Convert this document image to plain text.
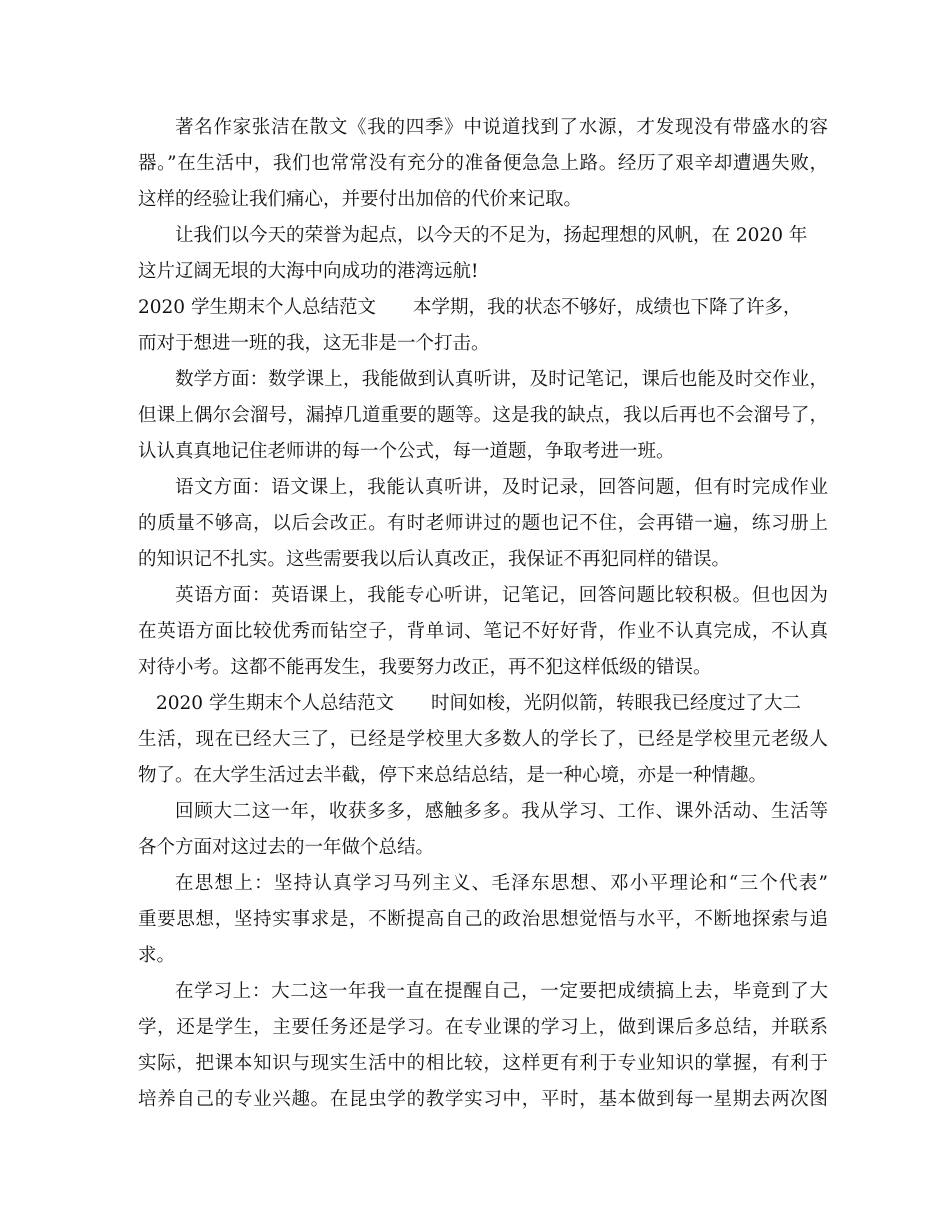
著名作家张洁在散文《我的四季》中说道找到了水源，才发现没有带盛水的容
器。”在生活中，我们也常常没有充分的准备便急急上路。经历了艰辛却遭遇失败，
这样的经验让我们痛心，并要付出加倍的代价来记取。
让我们以今天的荣誉为起点，以今天的不足为，扬起理想的风帆，在 2020 年
这片辽阔无垠的大海中向成功的港湾远航!
2020 学生期末个人总结范文　　本学期，我的状态不够好，成绩也下降了许多，
而对于想进一班的我，这无非是一个打击。
数学方面：数学课上，我能做到认真听讲，及时记笔记，课后也能及时交作业，
但课上偶尔会溜号，漏掉几道重要的题等。这是我的缺点，我以后再也不会溜号了，
认认真真地记住老师讲的每一个公式，每一道题，争取考进一班。
语文方面：语文课上，我能认真听讲，及时记录，回答问题，但有时完成作业
的质量不够高，以后会改正。有时老师讲过的题也记不住，会再错一遍，练习册上
的知识记不扎实。这些需要我以后认真改正，我保证不再犯同样的错误。
英语方面：英语课上，我能专心听讲，记笔记，回答问题比较积极。但也因为
在英语方面比较优秀而钻空子，背单词、笔记不好好背，作业不认真完成，不认真
对待小考。这都不能再发生，我要努力改正，再不犯这样低级的错误。
2020 学生期末个人总结范文　　时间如梭，光阴似箭，转眼我已经度过了大二
生活，现在已经大三了，已经是学校里大多数人的学长了，已经是学校里元老级人
物了。在大学生活过去半截，停下来总结总结，是一种心境，亦是一种情趣。
回顾大二这一年，收获多多，感触多多。我从学习、工作、课外活动、生活等
各个方面对这过去的一年做个总结。
在思想上：坚持认真学习马列主义、毛泽东思想、邓小平理论和“三个代表”
重要思想，坚持实事求是，不断提高自己的政治思想觉悟与水平，不断地探索与追
求。
在学习上：大二这一年我一直在提醒自己，一定要把成绩搞上去，毕竟到了大
学，还是学生，主要任务还是学习。在专业课的学习上，做到课后多总结，并联系
实际，把课本知识与现实生活中的相比较，这样更有利于专业知识的掌握，有利于
培养自己的专业兴趣。在昆虫学的教学实习中，平时，基本做到每一星期去两次图
